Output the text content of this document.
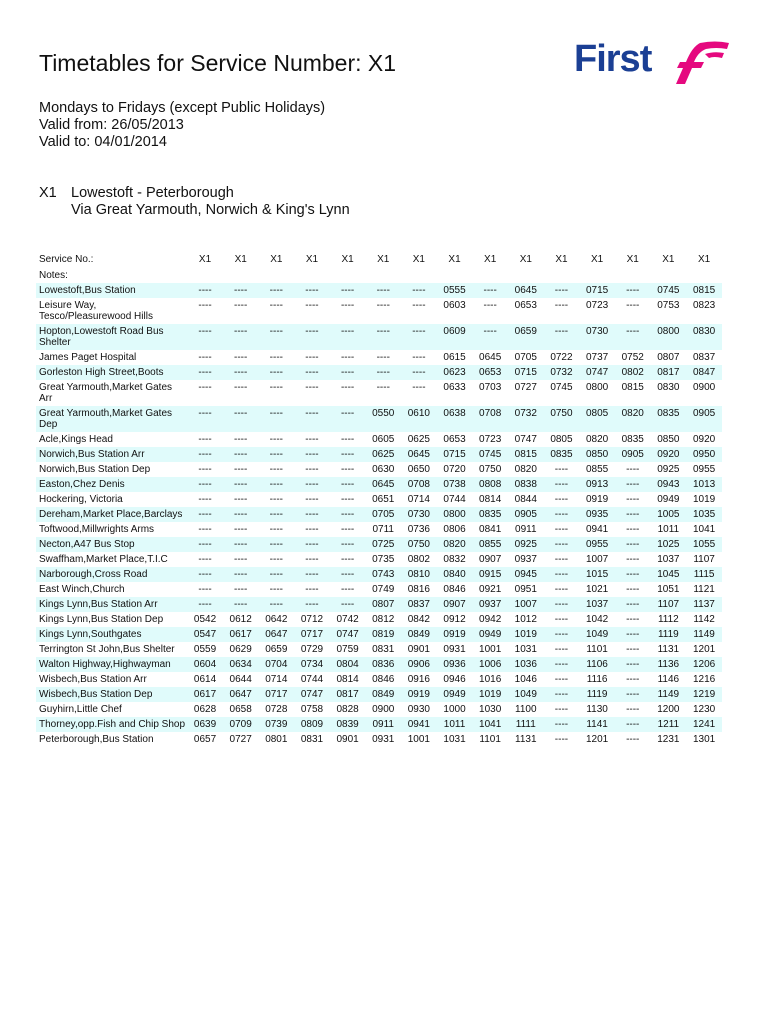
Timetables for Service Number: X1	First
Mondays to Fridays (except Public Holidays)
Valid from: 26/05/2013
Valid to: 04/01/2014
X1 Lowestoft - Peterborough
Via Great Yarmouth, Norwich & King's Lynn
Service No.:	X1	X1	X1	X1	X1	X1	X1	X1	X1	X1	X1	X1	X1	X1	X1
Notes:															
Lowestoft,Bus Station	----	----	----	----	----	----	----	0555	----	0645	----	0715	----	0745	0815
Leisure Way, Tesco/Pleasurewood Hills	----	----	----	----	----	----	----	0603	----	0653	----	0723	----	0753	0823
Hopton,Lowestoft Road Bus Shelter	----	----	----	----	----	----	----	0609	----	0659	----	0730	----	0800	0830
James Paget Hospital	----	----	----	----	----	----	----	0615	0645	0705	0722	0737	0752	0807	0837
Gorleston High Street,Boots	----	----	----	----	----	----	----	0623	0653	0715	0732	0747	0802	0817	0847
Great Yarmouth,Market Gates Arr	----	----	----	----	----	----	----	0633	0703	0727	0745	0800	0815	0830	0900
Great Yarmouth,Market Gates Dep	----	----	----	----	----	0550	0610	0638	0708	0732	0750	0805	0820	0835	0905
Acle,Kings Head	----	----	----	----	----	0605	0625	0653	0723	0747	0805	0820	0835	0850	0920
Norwich,Bus Station Arr	----	----	----	----	----	0625	0645	0715	0745	0815	0835	0850	0905	0920	0950
Norwich,Bus Station Dep	----	----	----	----	----	0630	0650	0720	0750	0820	----	0855	----	0925	0955
Easton,Chez Denis	----	----	----	----	----	0645	0708	0738	0808	0838	----	0913	----	0943	1013
Hockering, Victoria	----	----	----	----	----	0651	0714	0744	0814	0844	----	0919	----	0949	1019
Dereham,Market Place,Barclays	----	----	----	----	----	0705	0730	0800	0835	0905	----	0935	----	1005	1035
Toftwood,Millwrights Arms	----	----	----	----	----	0711	0736	0806	0841	0911	----	0941	----	1011	1041
Necton,A47 Bus Stop	----	----	----	----	----	0725	0750	0820	0855	0925	----	0955	----	1025	1055
Swaffham,Market Place,T.I.C	----	----	----	----	----	0735	0802	0832	0907	0937	----	1007	----	1037	1107
Narborough,Cross Road	----	----	----	----	----	0743	0810	0840	0915	0945	----	1015	----	1045	1115
East Winch,Church	----	----	----	----	----	0749	0816	0846	0921	0951	----	1021	----	1051	1121
Kings Lynn,Bus Station Arr	----	----	----	----	----	0807	0837	0907	0937	1007	----	1037	----	1107	1137
Kings Lynn,Bus Station Dep	0542	0612	0642	0712	0742	0812	0842	0912	0942	1012	----	1042	----	1112	1142
Kings Lynn,Southgates	0547	0617	0647	0717	0747	0819	0849	0919	0949	1019	----	1049	----	1119	1149
Terrington St John,Bus Shelter	0559	0629	0659	0729	0759	0831	0901	0931	1001	1031	----	1101	----	1131	1201
Walton Highway,Highwayman	0604	0634	0704	0734	0804	0836	0906	0936	1006	1036	----	1106	----	1136	1206
Wisbech,Bus Station Arr	0614	0644	0714	0744	0814	0846	0916	0946	1016	1046	----	1116	----	1146	1216
Wisbech,Bus Station Dep	0617	0647	0717	0747	0817	0849	0919	0949	1019	1049	----	1119	----	1149	1219
Guyhirn,Little Chef	0628	0658	0728	0758	0828	0900	0930	1000	1030	1100	----	1130	----	1200	1230
Thorney,opp.Fish and Chip Shop	0639	0709	0739	0809	0839	0911	0941	1011	1041	1111	----	1141	----	1211	1241
Peterborough,Bus Station	0657	0727	0801	0831	0901	0931	1001	1031	1101	1131	----	1201	----	1231	1301
